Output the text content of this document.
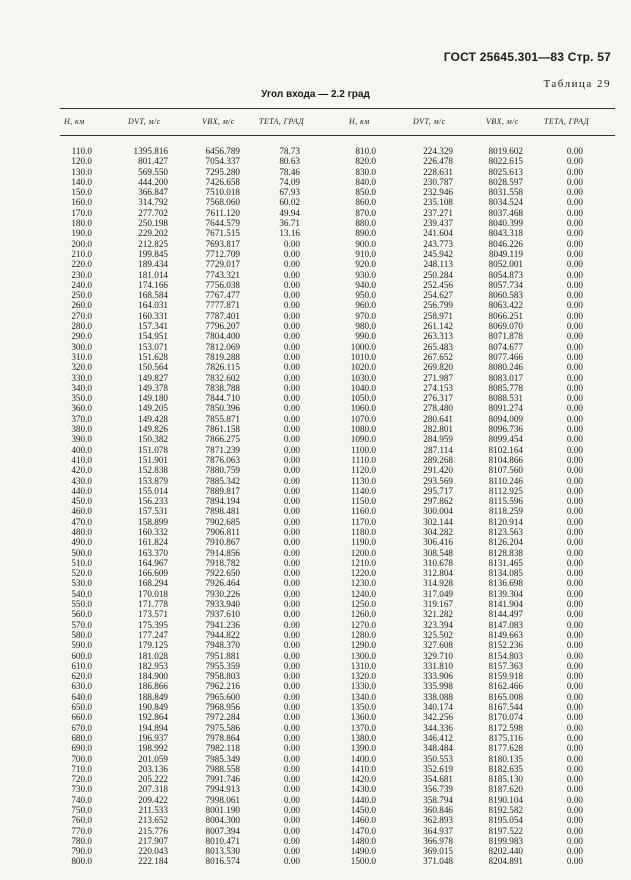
ГОСТ 25645.301—83 Стр. 57
Таблица 29
Угол входа — 2.2 град
H, км	DVT, м/с	VBX, м/с	ТЕТА, ГРАД	H, км	DVT, м/с	VBX, м/с	ТЕТА, ГРАД
110.0	1395.816	6456.789	78.73	810.0	224.329	8019.602	0.00
120.0	801.427	7054.337	80.63	820.0	226.478	8022.615	0.00
130.0	569.550	7295.280	78.46	830.0	228.631	8025.613	0.00
140.0	444.200	7426.658	74.09	840.0	230.787	8028.597	0.00
150.0	366.847	7510.018	67.93	850.0	232.946	8031.558	0.00
160.0	314.792	7568.060	60.02	860.0	235.108	8034.524	0.00
170.0	277.702	7611.120	49.94	870.0	237.271	8037.468	0.00
180.0	250.198	7644.579	36.71	880.0	239.437	8040.399	0.00
190.0	229.202	7671.515	13.16	890.0	241.604	8043.318	0.00
200.0	212.825	7693.817	0.00	900.0	243.773	8046.226	0.00
210.0	199.845	7712.709	0.00	910.0	245.942	8049.119	0.00
220.0	189.434	7729.017	0.00	920.0	248.113	8052.001	0.00
230.0	181.014	7743.321	0.00	930.0	250.284	8054.873	0.00
240.0	174.166	7756.038	0.00	940.0	252.456	8057.734	0.00
250.0	168.584	7767.477	0.00	950.0	254.627	8060.583	0.00
260.0	164.031	7777.871	0.00	960.0	256.799	8063.422	0.00
270.0	160.331	7787.401	0.00	970.0	258.971	8066.251	0.00
280.0	157.341	7796.207	0.00	980.0	261.142	8069.070	0.00
290.0	154.951	7804.400	0.00	990.0	263.313	8071.878	0.00
300.0	153.071	7812.069	0.00	1000.0	265.483	8074.677	0.00
310.0	151.628	7819.288	0.00	1010.0	267.652	8077.466	0.00
320.0	150.564	7826.115	0.00	1020.0	269.820	8080.246	0.00
330.0	149.827	7832.602	0.00	1030.0	271.987	8083.017	0.00
340.0	149.378	7838.788	0.00	1040.0	274.153	8085.778	0.00
350.0	149.180	7844.710	0.00	1050.0	276.317	8088.531	0.00
360.0	149.205	7850.396	0.00	1060.0	278.480	8091.274	0.00
370.0	149.428	7855.871	0.00	1070.0	280.641	8094.009	0.00
380.0	149.826	7861.158	0.00	1080.0	282.801	8096.736	0.00
390.0	150.382	7866.275	0.00	1090.0	284.959	8099.454	0.00
400.0	151.078	7871.239	0.00	1100.0	287.114	8102.164	0.00
410.0	151.901	7876.063	0.00	1110.0	289.268	8104.866	0.00
420.0	152.838	7880.759	0.00	1120.0	291.420	8107.560	0.00
430.0	153.879	7885.342	0.00	1130.0	293.569	8110.246	0.00
440.0	155.014	7889.817	0.00	1140.0	295.717	8112.925	0.00
450.0	156.233	7894.194	0.00	1150.0	297.862	8115.596	0.00
460.0	157.531	7898.481	0.00	1160.0	300.004	8118.259	0.00
470.0	158.899	7902.685	0.00	1170.0	302.144	8120.914	0.00
480.0	160.332	7906.811	0.00	1180.0	304.282	8123.563	0.00
490.0	161.824	7910.867	0.00	1190.0	306.416	8126.204	0.00
500.0	163.370	7914.856	0.00	1200.0	308.548	8128.838	0.00
510.0	164.967	7918.782	0.00	1210.0	310.678	8131.465	0.00
520.0	166.609	7922.650	0.00	1220.0	312.804	8134.085	0.00
530.0	168.294	7926.464	0.00	1230.0	314.928	8136.698	0.00
540.0	170.018	7930.226	0.00	1240.0	317.049	8139.304	0.00
550.0	171.778	7933.940	0.00	1250.0	319.167	8141.904	0.00
560.0	173.571	7937.610	0.00	1260.0	321.282	8144.497	0.00
570.0	175.395	7941.236	0.00	1270.0	323.394	8147.083	0.00
580.0	177.247	7944.822	0.00	1280.0	325.502	8149.663	0.00
590.0	179.125	7948.370	0.00	1290.0	327.608	8152.236	0.00
600.0	181.028	7951.881	0.00	1300.0	329.710	8154.803	0.00
610.0	182.953	7955.359	0.00	1310.0	331.810	8157.363	0.00
620.0	184.900	7958.803	0.00	1320.0	333.906	8159.918	0.00
630.0	186.866	7962.216	0.00	1330.0	335.998	8162.466	0.00
640.0	188.849	7965.600	0.00	1340.0	338.088	8165.008	0.00
650.0	190.849	7968.956	0.00	1350.0	340.174	8167.544	0.00
660.0	192.864	7972.284	0.00	1360.0	342.256	8170.074	0.00
670.0	194.894	7975.586	0.00	1370.0	344.336	8172.598	0.00
680.0	196.937	7978.864	0.00	1380.0	346.412	8175.116	0.00
690.0	198.992	7982.118	0.00	1390.0	348.484	8177.628	0.00
700.0	201.059	7985.349	0.00	1400.0	350.553	8180.135	0.00
710.0	203.136	7988.558	0.00	1410.0	352.619	8182.635	0.00
720.0	205.222	7991.746	0.00	1420.0	354.681	8185.130	0.00
730.0	207.318	7994.913	0.00	1430.0	356.739	8187.620	0.00
740.0	209.422	7998.061	0.00	1440.0	358.794	8190.104	0.00
750.0	211.533	8001.190	0.00	1450.0	360.846	8192.582	0.00
760.0	213.652	8004.300	0.00	1460.0	362.893	8195.054	0.00
770.0	215.776	8007.394	0.00	1470.0	364.937	8197.522	0.00
780.0	217.907	8010.471	0.00	1480.0	366.978	8199.983	0.00
790.0	220.043	8013.530	0.00	1490.0	369.015	8202.440	0.00
800.0	222.184	8016.574	0.00	1500.0	371.048	8204.891	0.00
